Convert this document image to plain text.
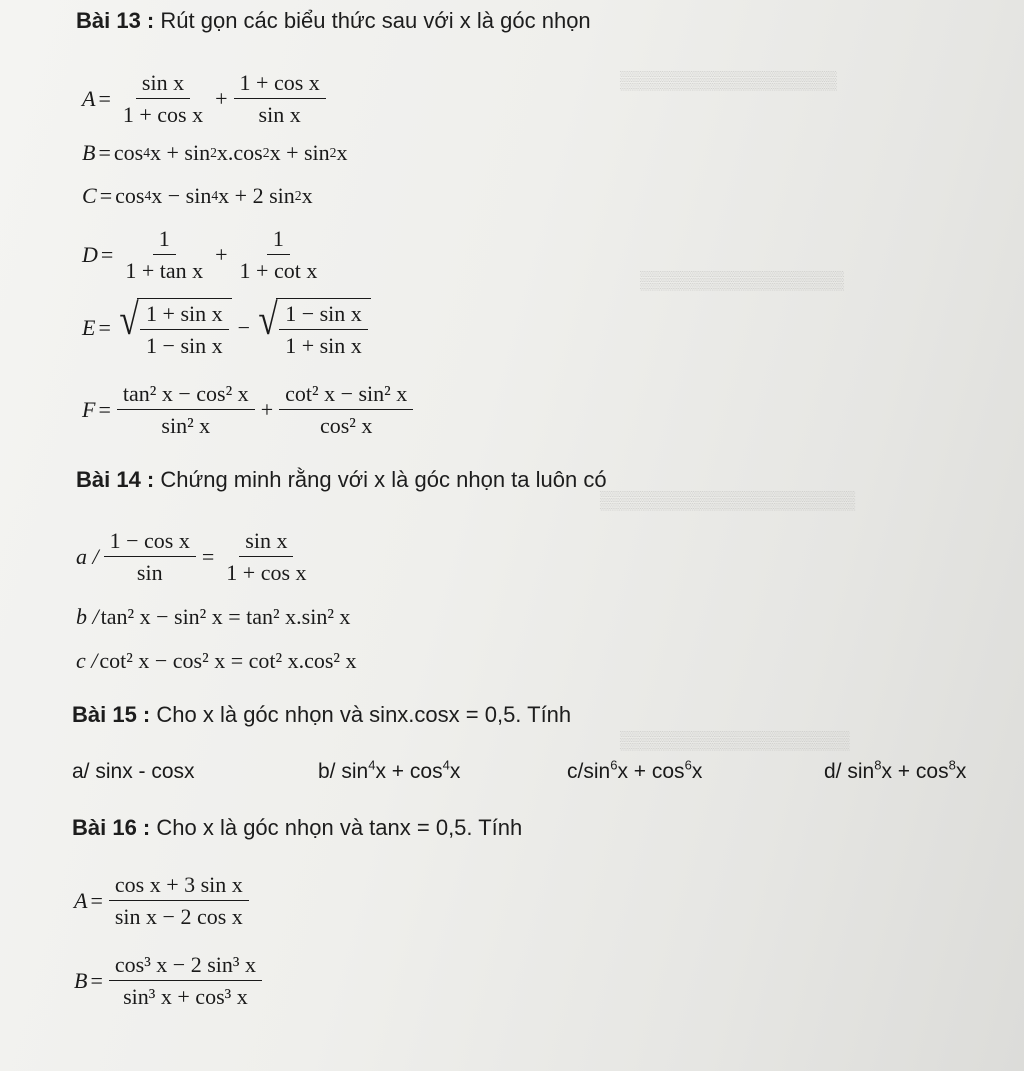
▒▒▒▒▒▒▒▒▒▒▒▒▒▒▒▒▒
▒▒▒▒▒▒▒▒▒▒▒▒▒▒▒▒
▒▒▒▒▒▒▒▒▒▒▒▒▒▒▒▒▒▒▒▒
▒▒▒▒▒▒▒▒▒▒▒▒▒▒▒▒▒▒
Bài 13 : Rút gọn các biểu thức sau với x là góc nhọn
$A = \frac{\text{sin x}}{\text{1 + cos x}} + \frac{\text{1 + cos x}}{\text{sin x}}$
B = cos 4 x + sin 2 x.cos 2 x + sin 2 x
C = cos 4 x − sin 4 x + 2 sin 2 x
$D = \frac{1}{\text{1 + tan x}} + \frac{1}{\text{1 + cot x}}$
E = √ $\frac{\text{1 + sin x}}{\text{1 − sin x}}$ − √ $\frac{\text{1 − sin x}}{\text{1 + sin x}}$
$F = \frac{\text{tan² x − cos² x}}{\text{sin² x}} + \frac{\text{cot² x − sin² x}}{\text{cos² x}}$
Bài 14 : Chứng minh rằng với x là góc nhọn ta luôn có
$a / \frac{\text{1 − cos x}}{\sin} = \frac{\text{sin x}}{\text{1 + cos x}}$
b / tan² x − sin² x = tan² x.sin² x
c / cot² x − cos² x = cot² x.cos² x
Bài 15 : Cho x là góc nhọn và sinx.cosx = 0,5. Tính
a/ sinx - cosx	b/ $\sin^4x + \cos^4x$	$c/\sin^6x + \cos^6x$	d/ $\sin^8x + \cos^8x$
Bài 16 : Cho x là góc nhọn và tanx = 0,5. Tính
$A = \frac{\text{cos x + 3 sin x}}{\text{sin x − 2 cos x}}$
$B = \frac{\text{cos³ x − 2 sin³ x}}{\text{sin³ x + cos³ x}}$
